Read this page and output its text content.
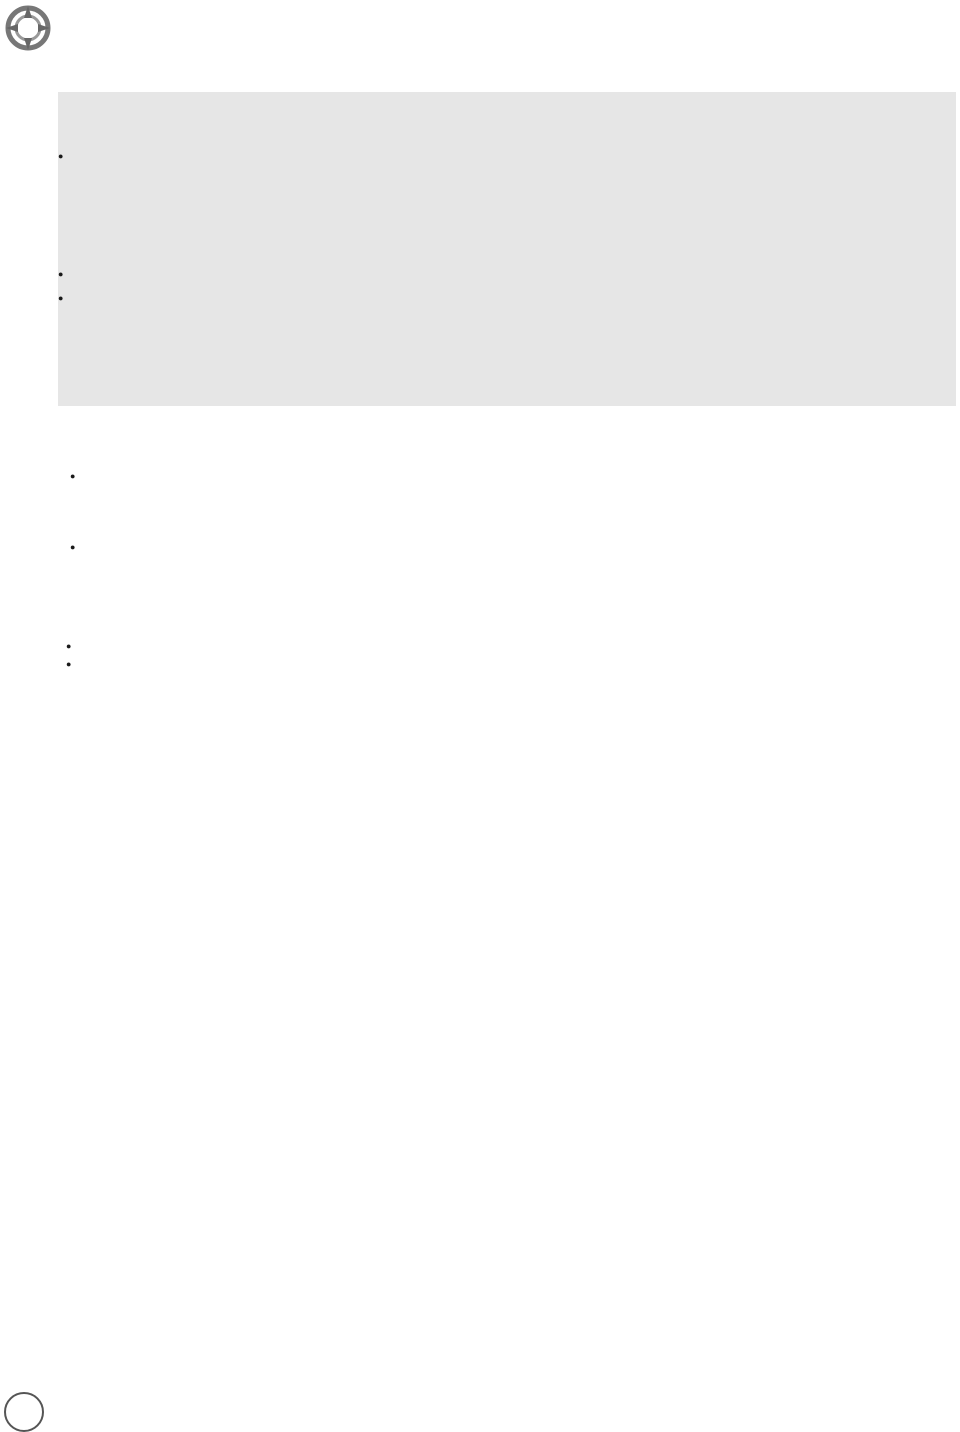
●
●
●
●
●
●
●
